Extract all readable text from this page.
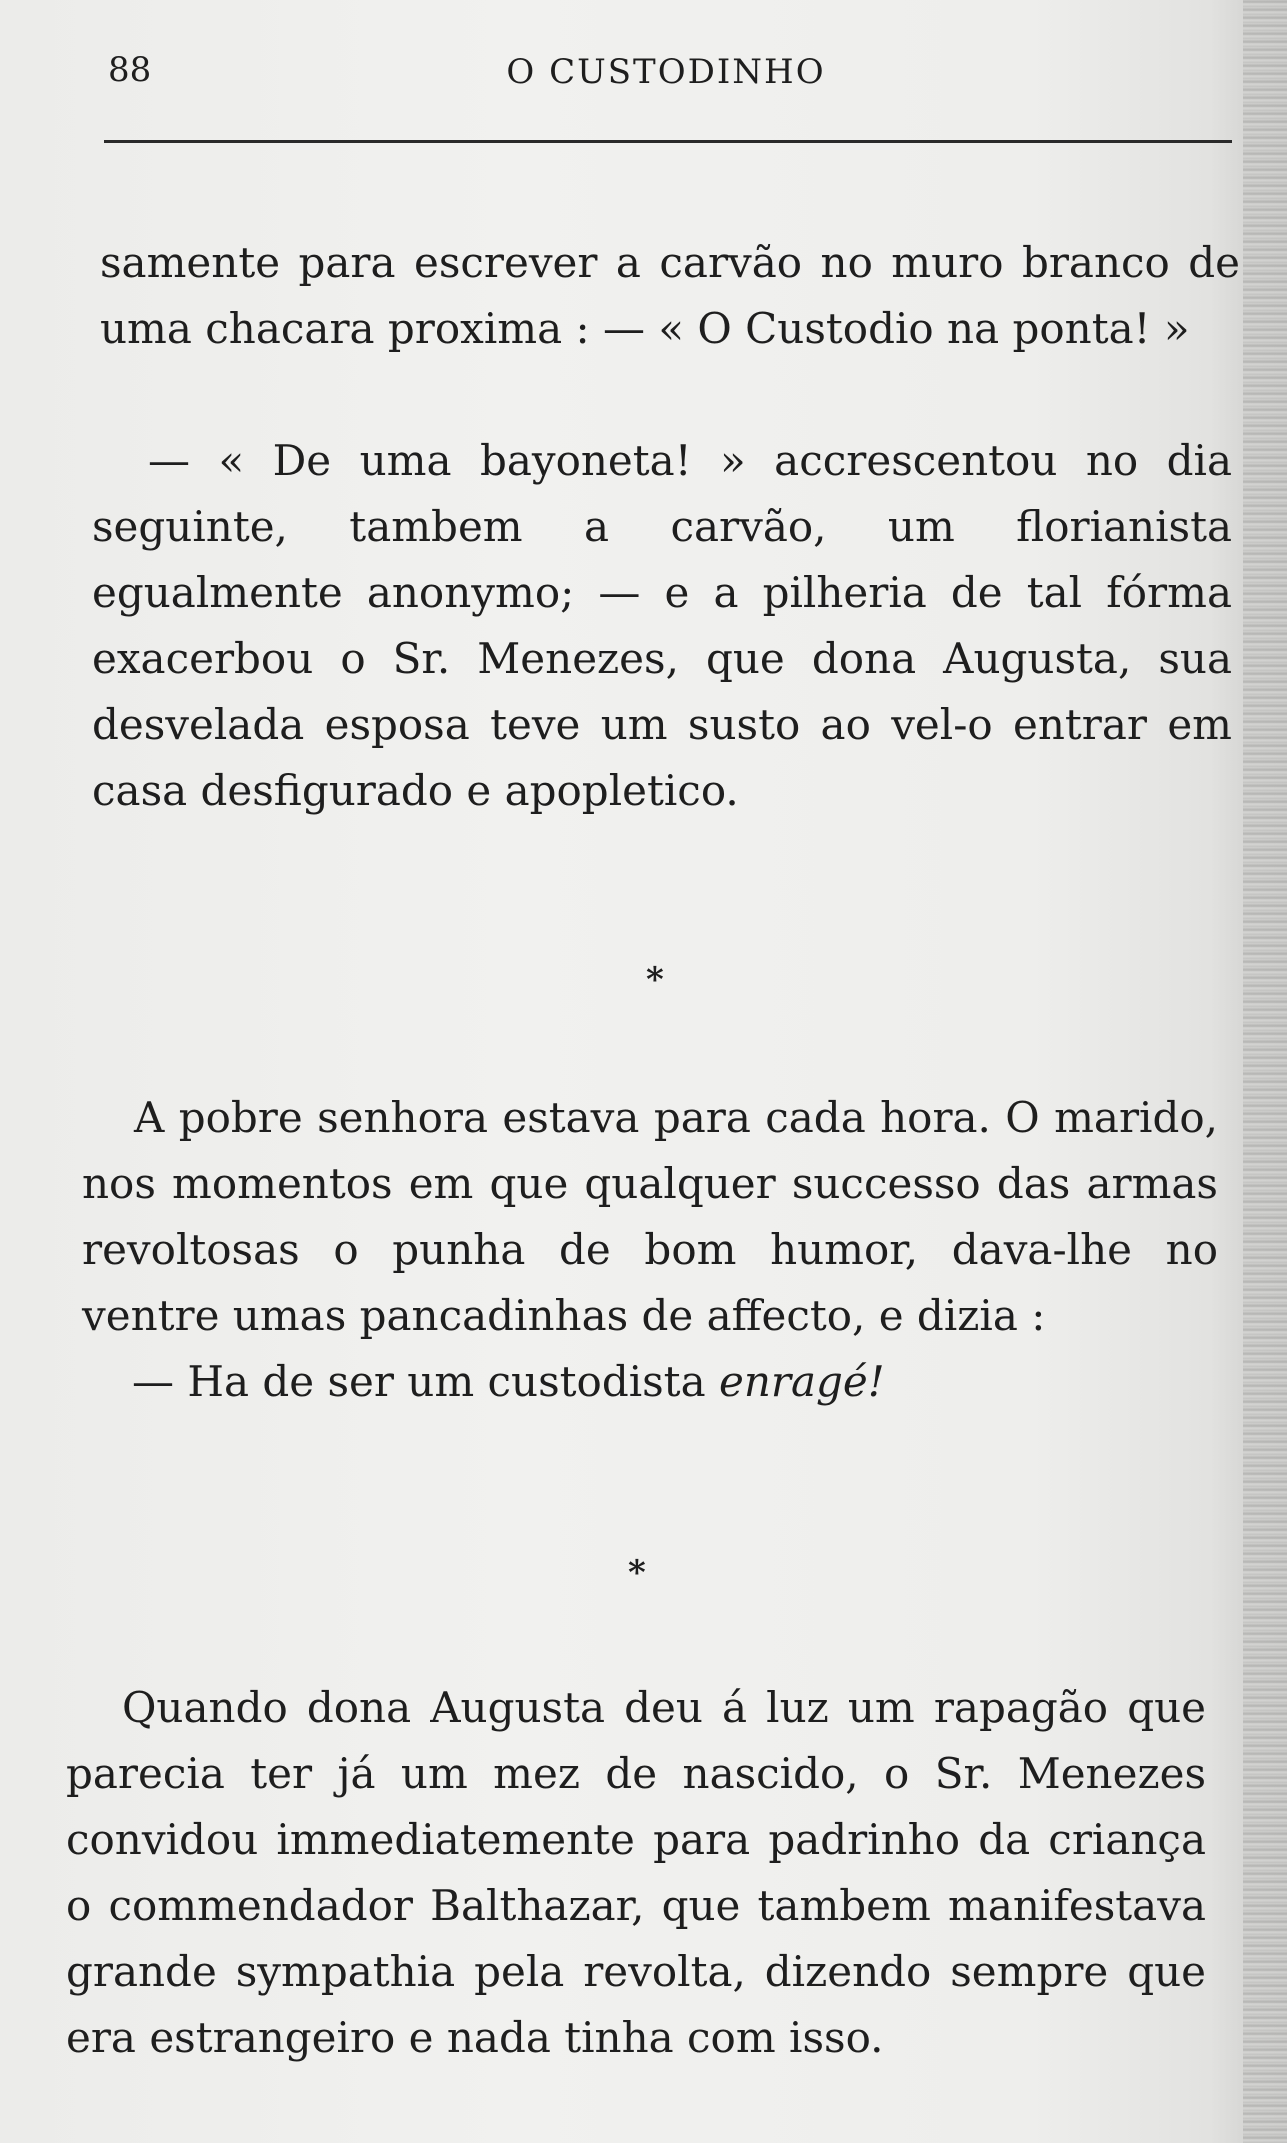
88	O CUSTODINHO

samente para escrever a carvão no muro branco de uma chacara proxima : — « O Custodio na ponta! »

— « De uma bayoneta! » accrescentou no dia seguinte, tambem a carvão, um florianista egualmente anonymo; — e a pilheria de tal fórma exacerbou o Sr. Menezes, que dona Augusta, sua desvelada esposa teve um susto ao vel-o entrar em casa desfigurado e apopletico.

*

A pobre senhora estava para cada hora. O marido, nos momentos em que qualquer successo das armas revoltosas o punha de bom humor, dava-lhe no ventre umas pancadinhas de affecto, e dizia :

— Ha de ser um custodista enragé!

*

Quando dona Augusta deu á luz um rapagão que parecia ter já um mez de nascido, o Sr. Menezes convidou immediatemente para padrinho da criança o commendador Balthazar, que tambem manifestava grande sympathia pela revolta, dizendo sempre que era estrangeiro e nada tinha com isso.
